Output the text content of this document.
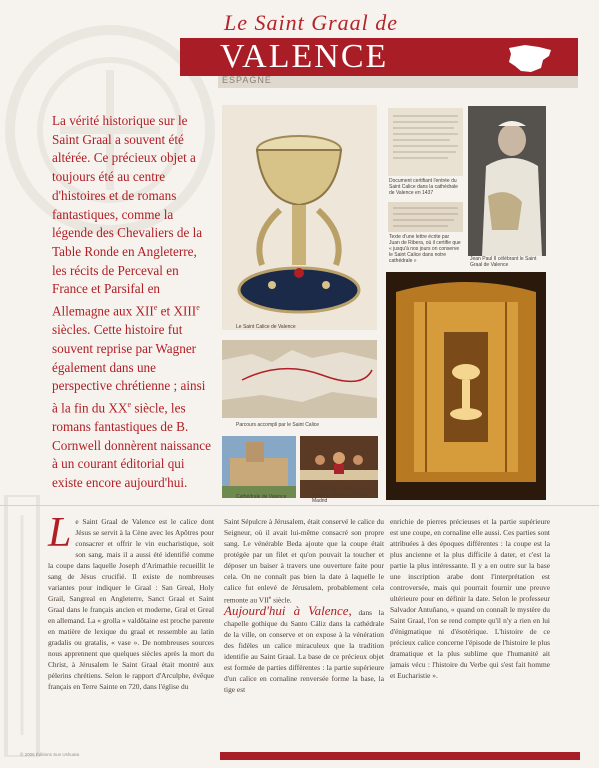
Le Saint Graal de
VALENCE
ESPAGNE
La vérité historique sur le Saint Graal a souvent été altérée. Ce précieux objet a toujours été au centre d'histoires et de romans fantastiques, comme la légende des Chevaliers de la Table Ronde en Angleterre, les récits de Perceval en France et Parsifal en Allemagne aux XIIe et XIIIe siècles. Cette histoire fut souvent reprise par Wagner également dans une perspective chrétienne ; ainsi à la fin du XXe siècle, les romans fantastiques de B. Cornwell donnèrent naissance à un courant éditorial qui existe encore aujourd'hui.
Le Saint Calice de Valence
Parcours accompli par le Saint Calice
Cathédrale de Valence
Le Sagrado Cristo – Juan de Juanes, Musée du Prado, Madrid
Document certifiant l'entrée du Saint Calice dans la cathédrale de Valence en 1437
Texte d'une lettre écrite par Juan de Ribera, où il certifie que « jusqu'à nos jours on conserve le Saint Calice dans notre cathédrale »	Jean Paul II célébrant le Saint Graal de Valence
Le Saint Graal de Valence est le calice dont Jésus se servit à la Cène avec les Apôtres pour consacrer et offrir le vin eucharistique, soit son sang, mais il a aussi été identifié comme la coupe dans laquelle Joseph d'Arimathie recueillit le sang de Jésus crucifié. Il existe de nombreuses variantes pour indiquer le Graal : San Greal, Holy Grail, Sangreal en Angleterre, Sanct Graal et Saint Graal dans le français ancien et moderne, Gral et Greal en allemand. La « grolla » valdôtaine est proche parente en matière de lexique du graal et ressemble au latin gradalis ou gratalis, « vase ». De nombreuses sources nous apprennent que quelques siècles après la mort du Christ, à Jérusalem le Saint Graal était montré aux pèlerins chrétiens. Selon le rapport d'Arculphe, évêque français en Terre Sainte en 720, dans l'église du
Saint Sépulcre à Jérusalem, était conservé le calice du Seigneur, où il avait lui-même consacré son propre sang. Le vénérable Beda ajoute que la coupe était protégée par un filet et qu'on pouvait la toucher et déposer un baiser à travers une ouverture faite pour cela. On ne connaît pas bien la date à laquelle le calice fut enlevé de Jérusalem, probablement cela remonte au VIIe siècle.
Aujourd'hui à Valence, dans la chapelle gothique du Santo Cáliz dans la cathédrale de la ville, on conserve et on expose à la vénération des fidèles un calice miraculeux que la tradition identifie au Saint Graal. La base de ce précieux objet est formée de parties différentes : la partie supérieure d'un calice en cornaline renversée forme la base, la tige est
enrichie de pierres précieuses et la partie supérieure est une coupe, en cornaline elle aussi. Ces parties sont attribuées à des époques différentes : la coupe est la plus ancienne et la plus difficile à dater, et c'est la partie la plus intéressante. Il y a en outre sur la base une inscription arabe dont l'interprétation est controversée, mais qui pourrait fournir une preuve ultérieure pour en définir la date. Selon le professeur Salvador Antuñano, « quand on connaît le mystère du Saint Graal, l'on se rend compte qu'il n'y a rien en lui d'énigmatique ni d'ésotérique. L'histoire de ce précieux calice concerne l'épisode de l'histoire le plus dramatique et la plus sublime que l'humanité ait jamais vécu : l'histoire du Verbe qui s'est fait homme et Eucharistie ».
© 2006 Éditions Sun Ushuaïa
